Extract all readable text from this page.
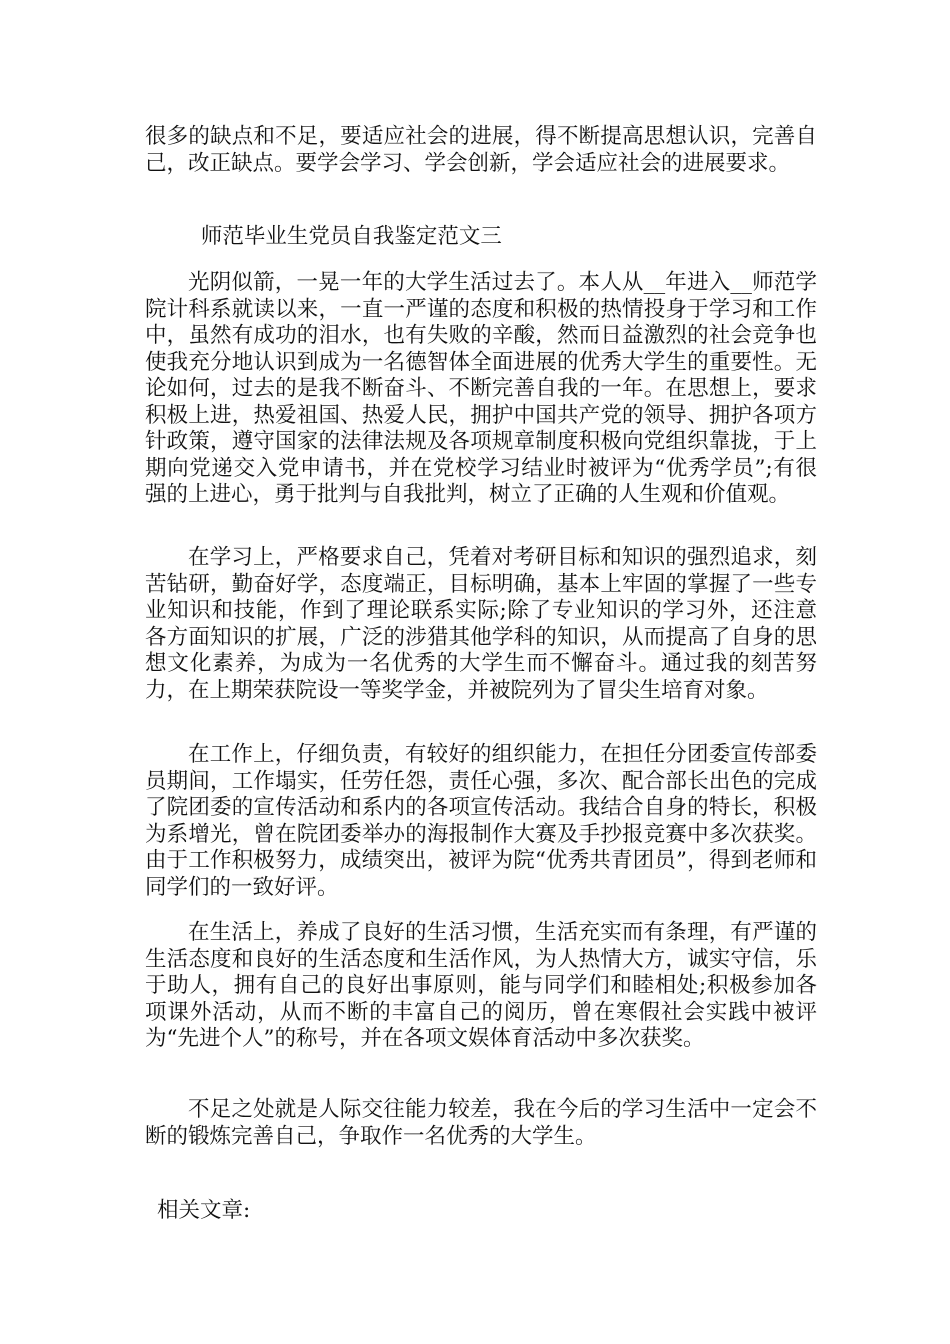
很多的缺点和不足，要适应社会的进展，得不断提高思想认识，完善自己，改正缺点。要学会学习、学会创新，学会适应社会的进展要求。
师范毕业生党员自我鉴定范文三
光阴似箭，一晃一年的大学生活过去了。本人从__年进入__师范学院计科系就读以来，一直一严谨的态度和积极的热情投身于学习和工作中，虽然有成功的泪水，也有失败的辛酸，然而日益激烈的社会竞争也使我充分地认识到成为一名德智体全面进展的优秀大学生的重要性。无论如何，过去的是我不断奋斗、不断完善自我的一年。在思想上，要求积极上进，热爱祖国、热爱人民，拥护中国共产党的领导、拥护各项方针政策，遵守国家的法律法规及各项规章制度积极向党组织靠拢，于上期向党递交入党申请书，并在党校学习结业时被评为“优秀学员”;有很强的上进心，勇于批判与自我批判，树立了正确的人生观和价值观。
在学习上，严格要求自己，凭着对考研目标和知识的强烈追求，刻苦钻研，勤奋好学，态度端正，目标明确，基本上牢固的掌握了一些专业知识和技能，作到了理论联系实际;除了专业知识的学习外，还注意各方面知识的扩展，广泛的涉猎其他学科的知识，从而提高了自身的思想文化素养，为成为一名优秀的大学生而不懈奋斗。通过我的刻苦努力，在上期荣获院设一等奖学金，并被院列为了冒尖生培育对象。
在工作上，仔细负责，有较好的组织能力，在担任分团委宣传部委员期间，工作塌实，任劳任怨，责任心强，多次、配合部长出色的完成了院团委的宣传活动和系内的各项宣传活动。我结合自身的特长，积极为系增光，曾在院团委举办的海报制作大赛及手抄报竞赛中多次获奖。由于工作积极努力，成绩突出，被评为院“优秀共青团员”，得到老师和同学们的一致好评。
在生活上，养成了良好的生活习惯，生活充实而有条理，有严谨的生活态度和良好的生活态度和生活作风，为人热情大方，诚实守信，乐于助人，拥有自己的良好出事原则，能与同学们和睦相处;积极参加各项课外活动，从而不断的丰富自己的阅历，曾在寒假社会实践中被评为“先进个人”的称号，并在各项文娱体育活动中多次获奖。
不足之处就是人际交往能力较差，我在今后的学习生活中一定会不断的锻炼完善自己，争取作一名优秀的大学生。
相关文章:
